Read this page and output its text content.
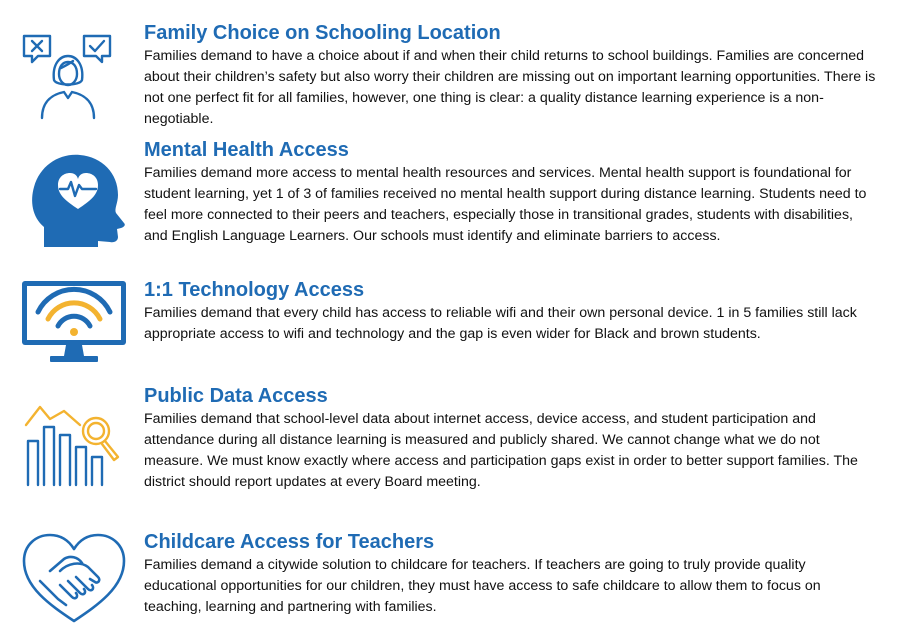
Family Choice on Schooling Location

Families demand to have a choice about if and when their child returns to school buildings. Families are concerned about their children’s safety but also worry their children are missing out on important learning opportunities. There is not one perfect fit for all families, however, one thing is clear: a quality distance learning experience is a non-negotiable.

Mental Health Access

Families demand more access to mental health resources and services. Mental health support is foundational for student learning, yet 1 of 3 of families received no mental health support during distance learning. Students need to feel more connected to their peers and teachers, especially those in transitional grades, students with disabilities, and English Language Learners. Our schools must identify and eliminate barriers to access.

1:1 Technology Access

Families demand that every child has access to reliable wifi and their own personal device. 1 in 5 families still lack appropriate access to wifi and technology and the gap is even wider for Black and brown students.

Public Data Access

Families demand that school-level data about internet access, device access, and student participation and attendance during all distance learning is measured and publicly shared. We cannot change what we do not measure. We must know exactly where access and participation gaps exist in order to better support families. The district should report updates at every Board meeting.

Childcare Access for Teachers

Families demand a citywide solution to childcare for teachers. If teachers are going to truly provide quality educational opportunities for our children, they must have access to safe childcare to allow them to focus on teaching, learning and partnering with families.
